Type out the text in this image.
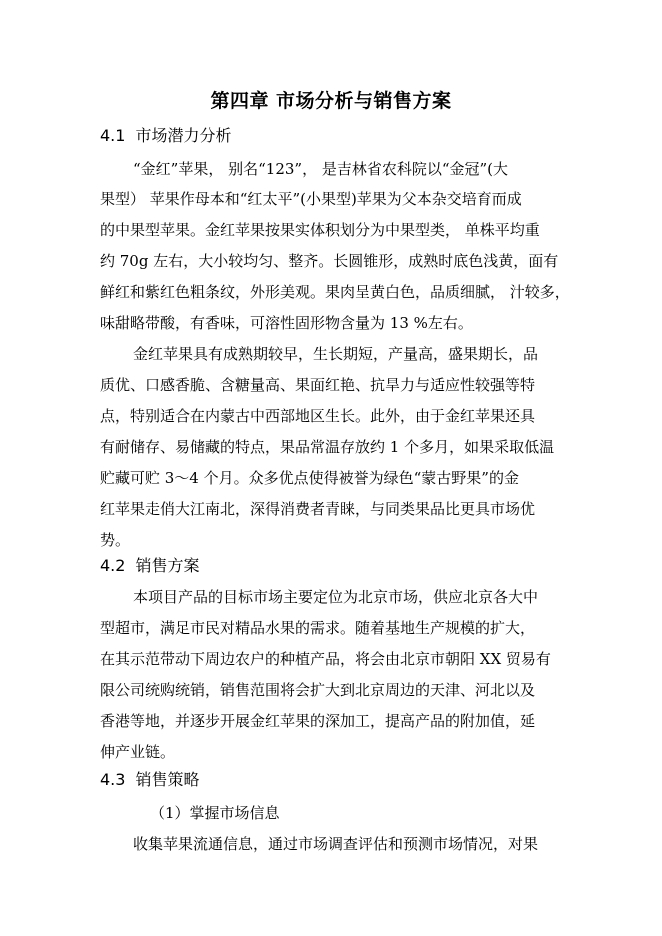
第四章 市场分析与销售方案
4.1 市场潜力分析
“金红”苹果， 别名“123”， 是吉林省农科院以“金冠”(大
果型） 苹果作母本和“红太平”(小果型)苹果为父本杂交培育而成
的中果型苹果。金红苹果按果实体积划分为中果型类， 单株平均重
约 70g 左右，大小较均匀、整齐。长圆锥形，成熟时底色浅黄，面有
鲜红和紫红色粗条纹，外形美观。果肉呈黄白色，品质细腻， 汁较多，
味甜略带酸，有香味，可溶性固形物含量为 13 %左右。
金红苹果具有成熟期较早，生长期短，产量高，盛果期长，品
质优、口感香脆、含糖量高、果面红艳、抗旱力与适应性较强等特
点，特别适合在内蒙古中西部地区生长。此外，由于金红苹果还具
有耐储存、易储藏的特点，果品常温存放约 1 个多月，如果采取低温
贮藏可贮 3～4 个月。众多优点使得被誉为绿色“蒙古野果”的金
红苹果走俏大江南北，深得消费者青睐，与同类果品比更具市场优
势。
4.2 销售方案
本项目产品的目标市场主要定位为北京市场，供应北京各大中
型超市，满足市民对精品水果的需求。随着基地生产规模的扩大，
在其示范带动下周边农户的种植产品，将会由北京市朝阳 XX 贸易有
限公司统购统销，销售范围将会扩大到北京周边的天津、河北以及
香港等地，并逐步开展金红苹果的深加工，提高产品的附加值，延
伸产业链。
4.3 销售策略
（1）掌握市场信息
收集苹果流通信息，通过市场调查评估和预测市场情况，对果
